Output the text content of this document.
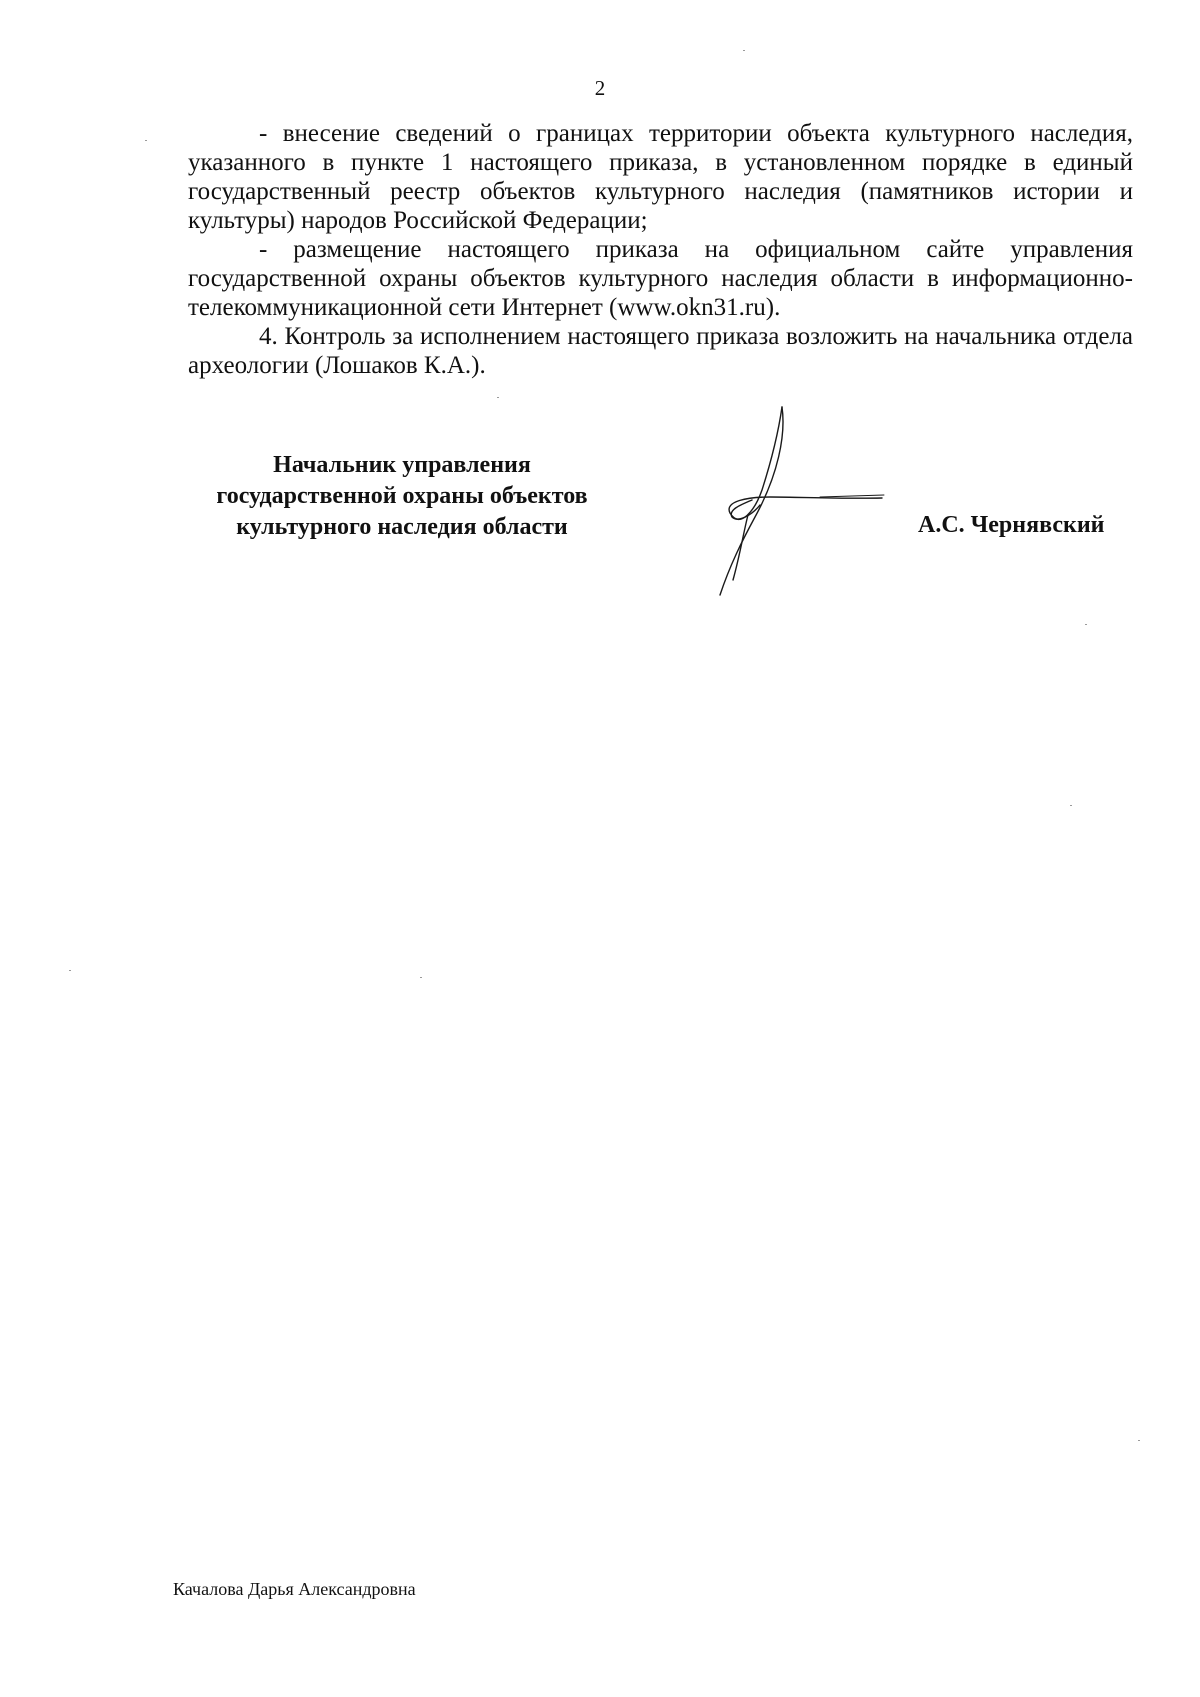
2

- внесение сведений о границах территории объекта культурного наследия, указанного в пункте 1 настоящего приказа, в установленном порядке в единый государственный реестр объектов культурного наследия (памятников истории и культуры) народов Российской Федерации;

- размещение настоящего приказа на официальном сайте управления государственной охраны объектов культурного наследия области в информационно-телекоммуникационной сети Интернет (www.okn31.ru).

4. Контроль за исполнением настоящего приказа возложить на начальника отдела археологии (Лошаков К.А.).

Начальник управления
государственной охраны объектов
культурного наследия области	А.С. Чернявский
Качалова Дарья Александровна
